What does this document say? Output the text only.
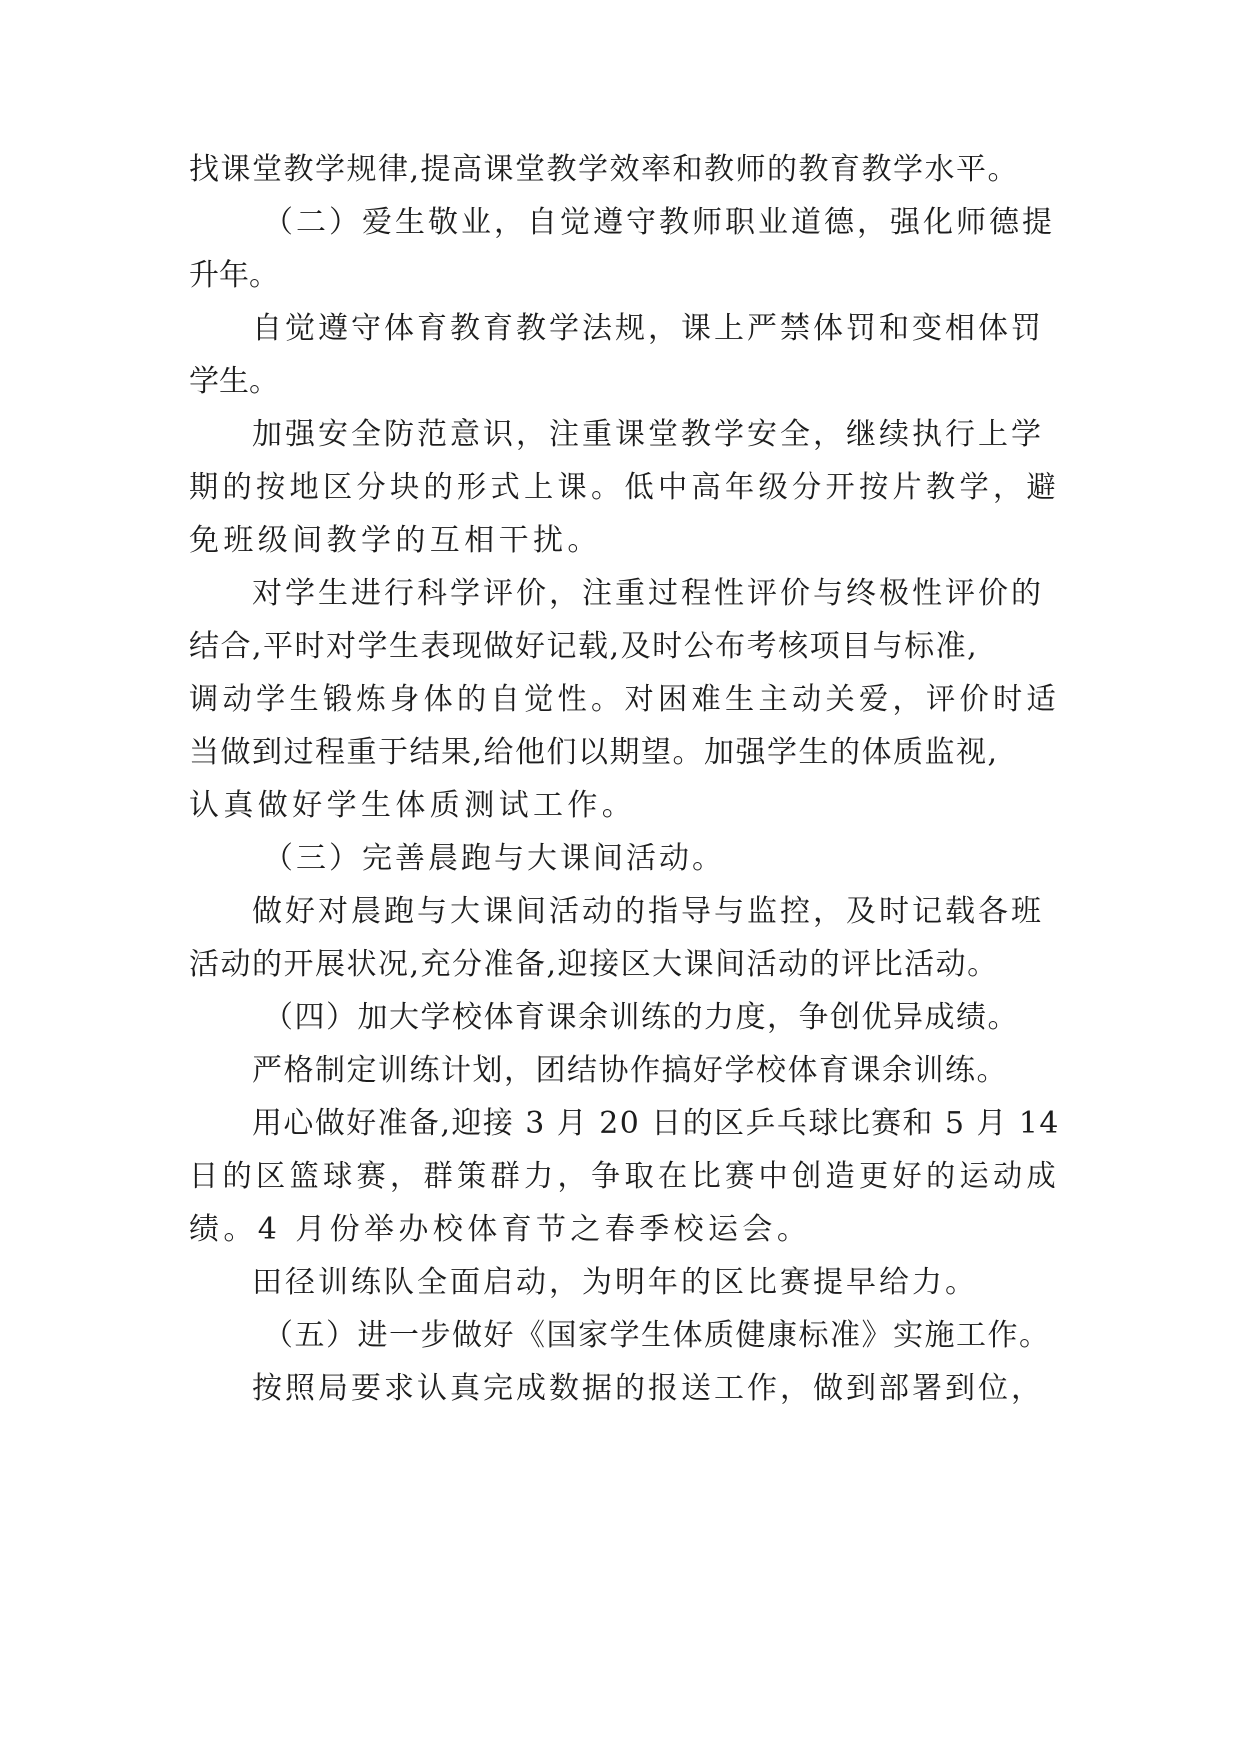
找课堂教学规律,提高课堂教学效率和教师的教育教学水平。
（二）爱生敬业，自觉遵守教师职业道德，强化师德提
升年。
自觉遵守体育教育教学法规，课上严禁体罚和变相体罚
学生。
加强安全防范意识，注重课堂教学安全，继续执行上学
期的按地区分块的形式上课。低中高年级分开按片教学，避
免班级间教学的互相干扰。
对学生进行科学评价，注重过程性评价与终极性评价的
结合,平时对学生表现做好记载,及时公布考核项目与标准,
调动学生锻炼身体的自觉性。对困难生主动关爱，评价时适
当做到过程重于结果,给他们以期望。加强学生的体质监视,
认真做好学生体质测试工作。
（三）完善晨跑与大课间活动。
做好对晨跑与大课间活动的指导与监控，及时记载各班
活动的开展状况,充分准备,迎接区大课间活动的评比活动。
（四）加大学校体育课余训练的力度，争创优异成绩。
严格制定训练计划，团结协作搞好学校体育课余训练。
用心做好准备,迎接 3 月 20 日的区乒乓球比赛和 5 月 14
日的区篮球赛，群策群力，争取在比赛中创造更好的运动成
绩。4 月份举办校体育节之春季校运会。
田径训练队全面启动，为明年的区比赛提早给力。
（五）进一步做好《国家学生体质健康标准》实施工作。
按照局要求认真完成数据的报送工作，做到部署到位，
